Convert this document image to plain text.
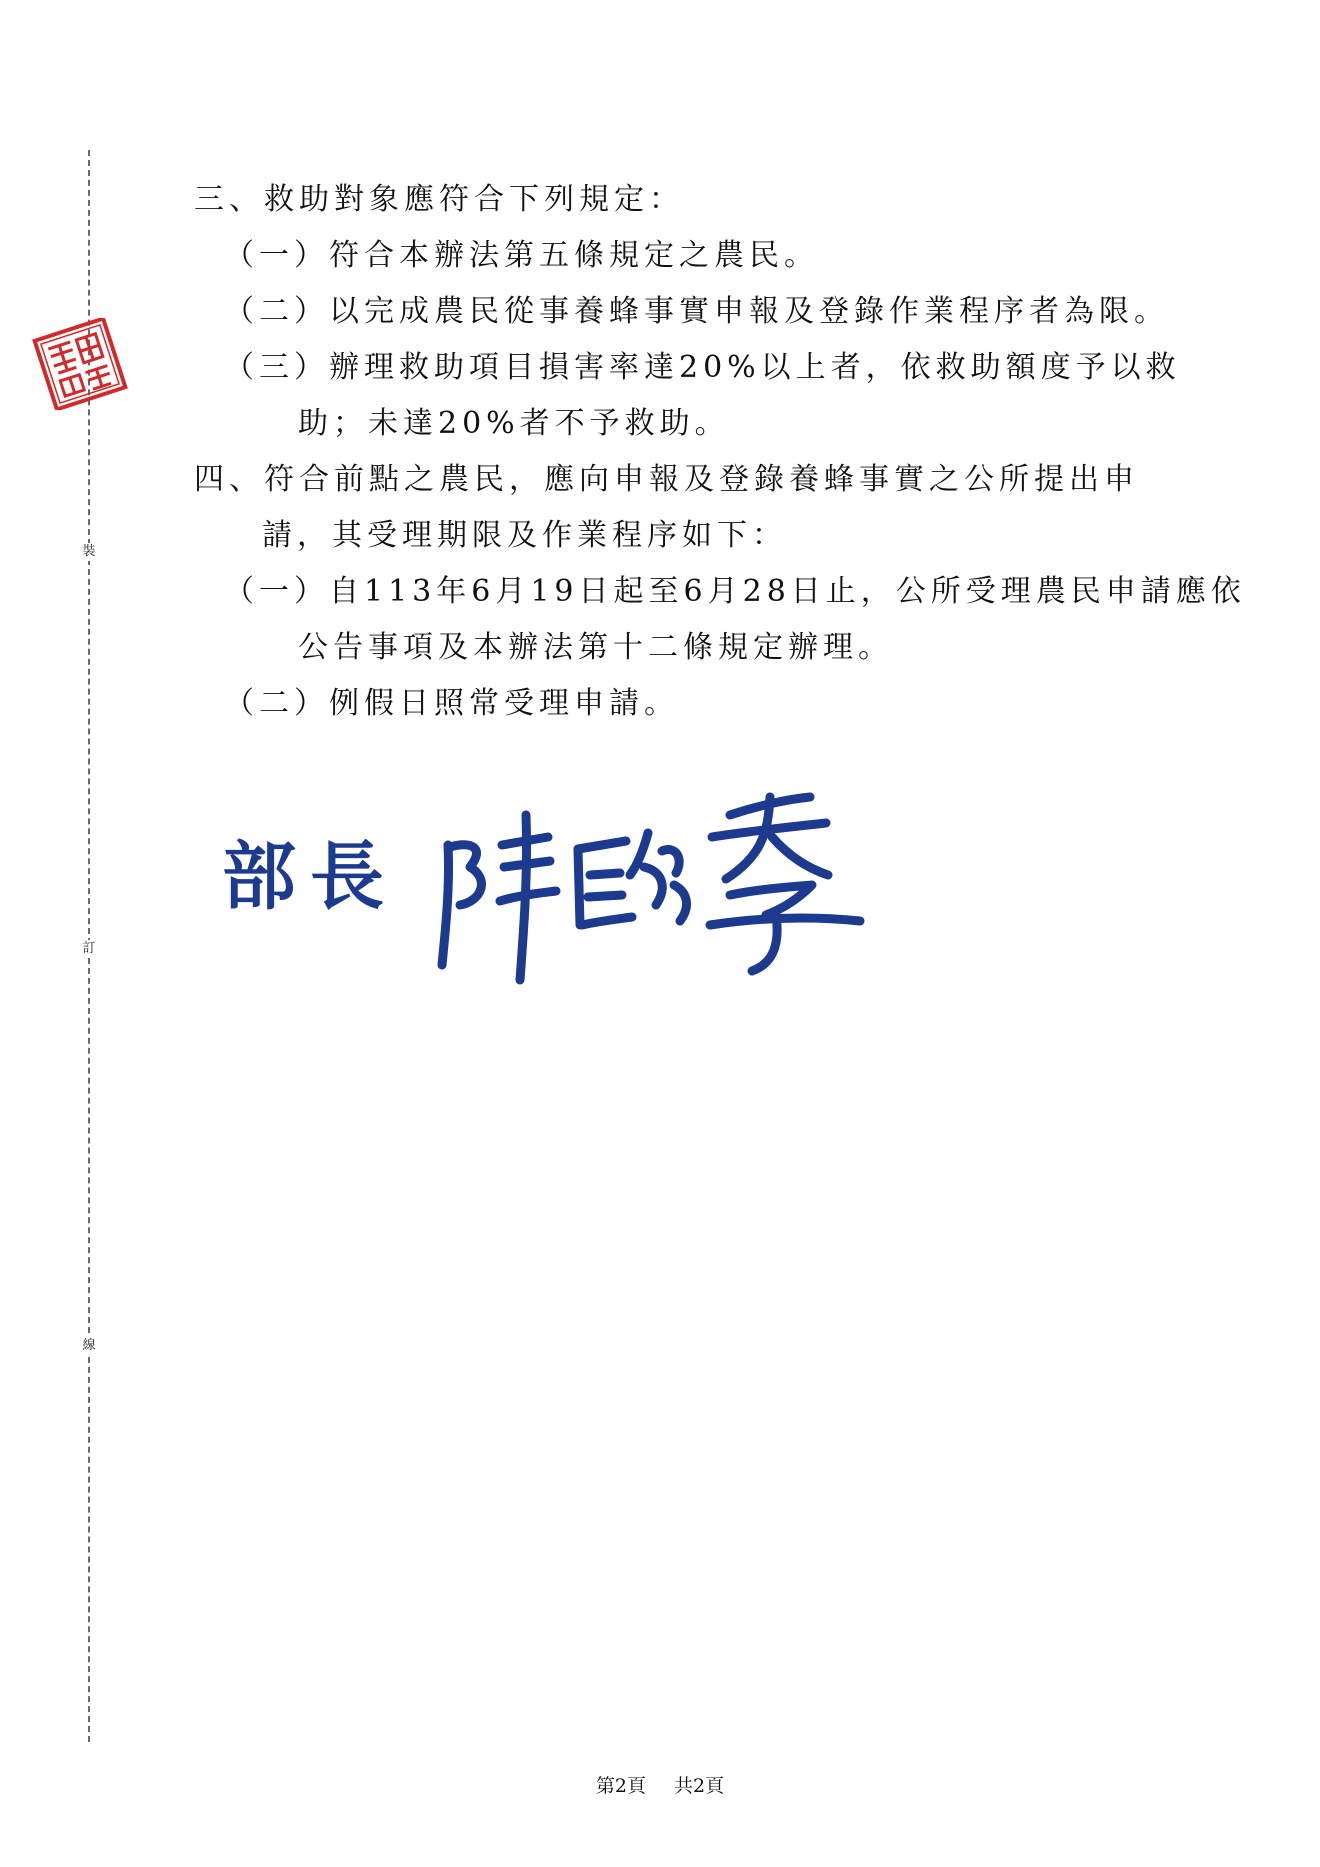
裝
訂
線
三、救助對象應符合下列規定：
（一）符合本辦法第五條規定之農民。
（二）以完成農民從事養蜂事實申報及登錄作業程序者為限。
（三）辦理救助項目損害率達20%以上者，依救助額度予以救
助；未達20%者不予救助。
四、符合前點之農民，應向申報及登錄養蜂事實之公所提出申
請，其受理期限及作業程序如下：
（一）自113年6月19日起至6月28日止，公所受理農民申請應依
公告事項及本辦法第十二條規定辦理。
（二）例假日照常受理申請。
部長
第2頁 共2頁
